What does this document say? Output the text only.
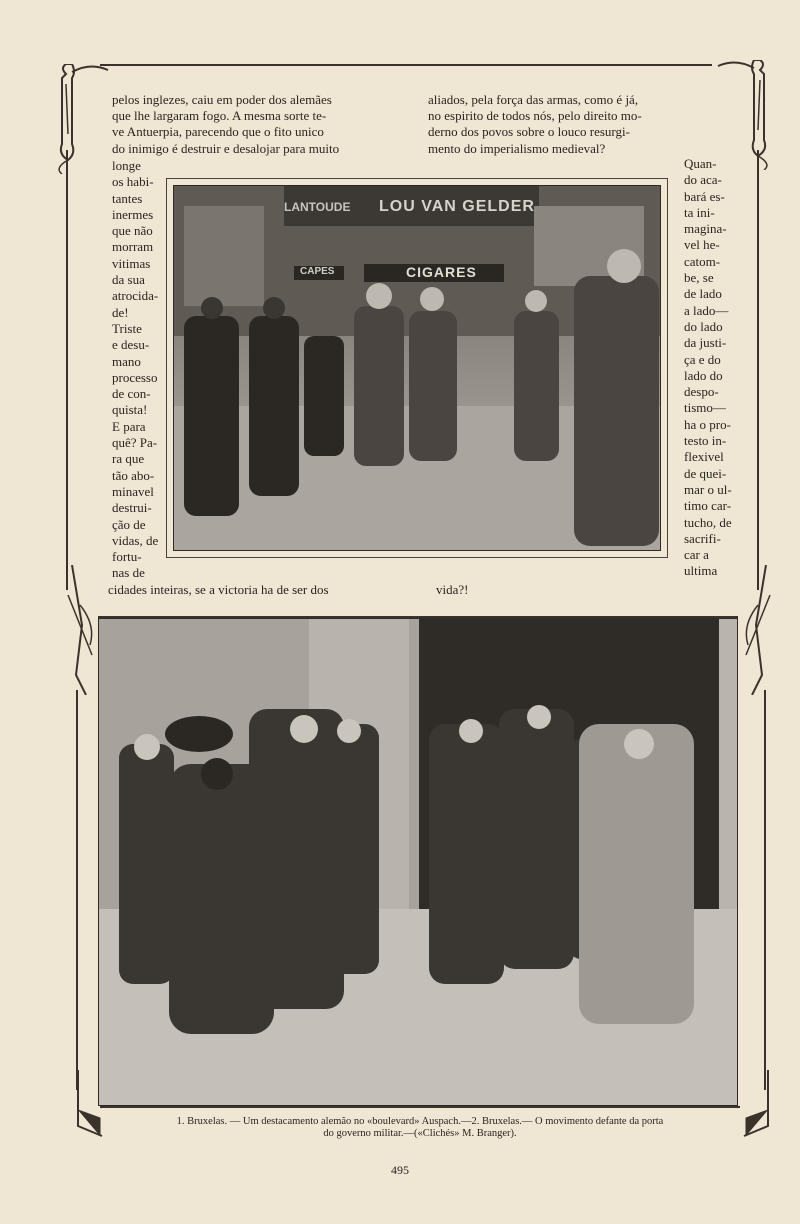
pelos inglezes, caiu em poder dos alemães

que lhe largaram fogo. A mesma sorte te-

ve Antuerpia, parecendo que o fito unico

do inimigo é destruir e desalojar para muito

aliados, pela força das armas, como é já,

no espirito de todos nós, pelo direito mo-

derno dos povos sobre o louco resurgi-

mento do imperialismo medieval?

longe
os habi-
tantes
inermes
que não
morram
vitimas
da sua
atrocida-
de!
Triste
e desu-
mano
processo
de con-
quista!
E para
quê? Pa-
ra que
tão abo-
minavel
destrui-
ção de
vidas, de
fortu-
nas de
Quan-
do aca-
bará es-
ta ini-
magina-
vel he-
catom-
be, se
de lado
a lado—
do lado
da justi-
ça e do
lado do
despo-
tismo—
ha o pro-
testo in-
flexivel
de quei-
mar o ul-
timo car-
tucho, de
sacrifi-
car a
ultima
cidades inteiras, se a victoria ha de ser dos	vida?!
LOU VAN GELDER
LANTOUDE
CIGARES
CAPES
1. Bruxelas. — Um destacamento alemão no «boulevard» Auspach.—2. Bruxelas.— O movimento defante da porta
do governo militar.—(«Clichés» M. Branger).
495
